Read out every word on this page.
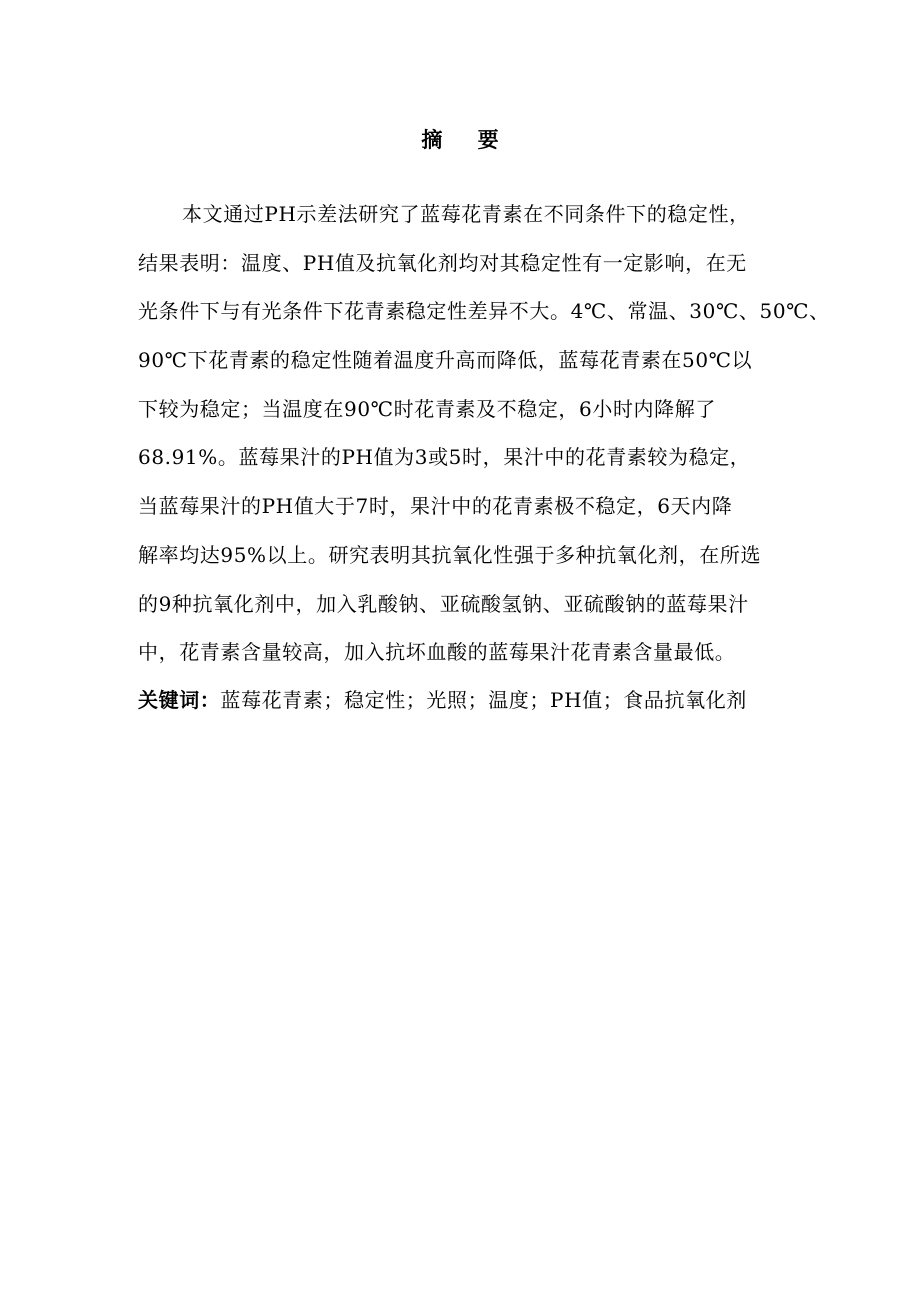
摘 要
本文通过PH示差法研究了蓝莓花青素在不同条件下的稳定性，
结果表明：温度、PH值及抗氧化剂均对其稳定性有一定影响，在无
光条件下与有光条件下花青素稳定性差异不大。4℃、常温、30℃、50℃、
90℃下花青素的稳定性随着温度升高而降低，蓝莓花青素在50℃以
下较为稳定；当温度在90℃时花青素及不稳定，6小时内降解了
68.91%。蓝莓果汁的PH值为3或5时，果汁中的花青素较为稳定，
当蓝莓果汁的PH值大于7时，果汁中的花青素极不稳定，6天内降
解率均达95%以上。研究表明其抗氧化性强于多种抗氧化剂，在所选
的9种抗氧化剂中，加入乳酸钠、亚硫酸氢钠、亚硫酸钠的蓝莓果汁
中，花青素含量较高，加入抗坏血酸的蓝莓果汁花青素含量最低。
关键词：蓝莓花青素；稳定性；光照；温度；PH值；食品抗氧化剂
